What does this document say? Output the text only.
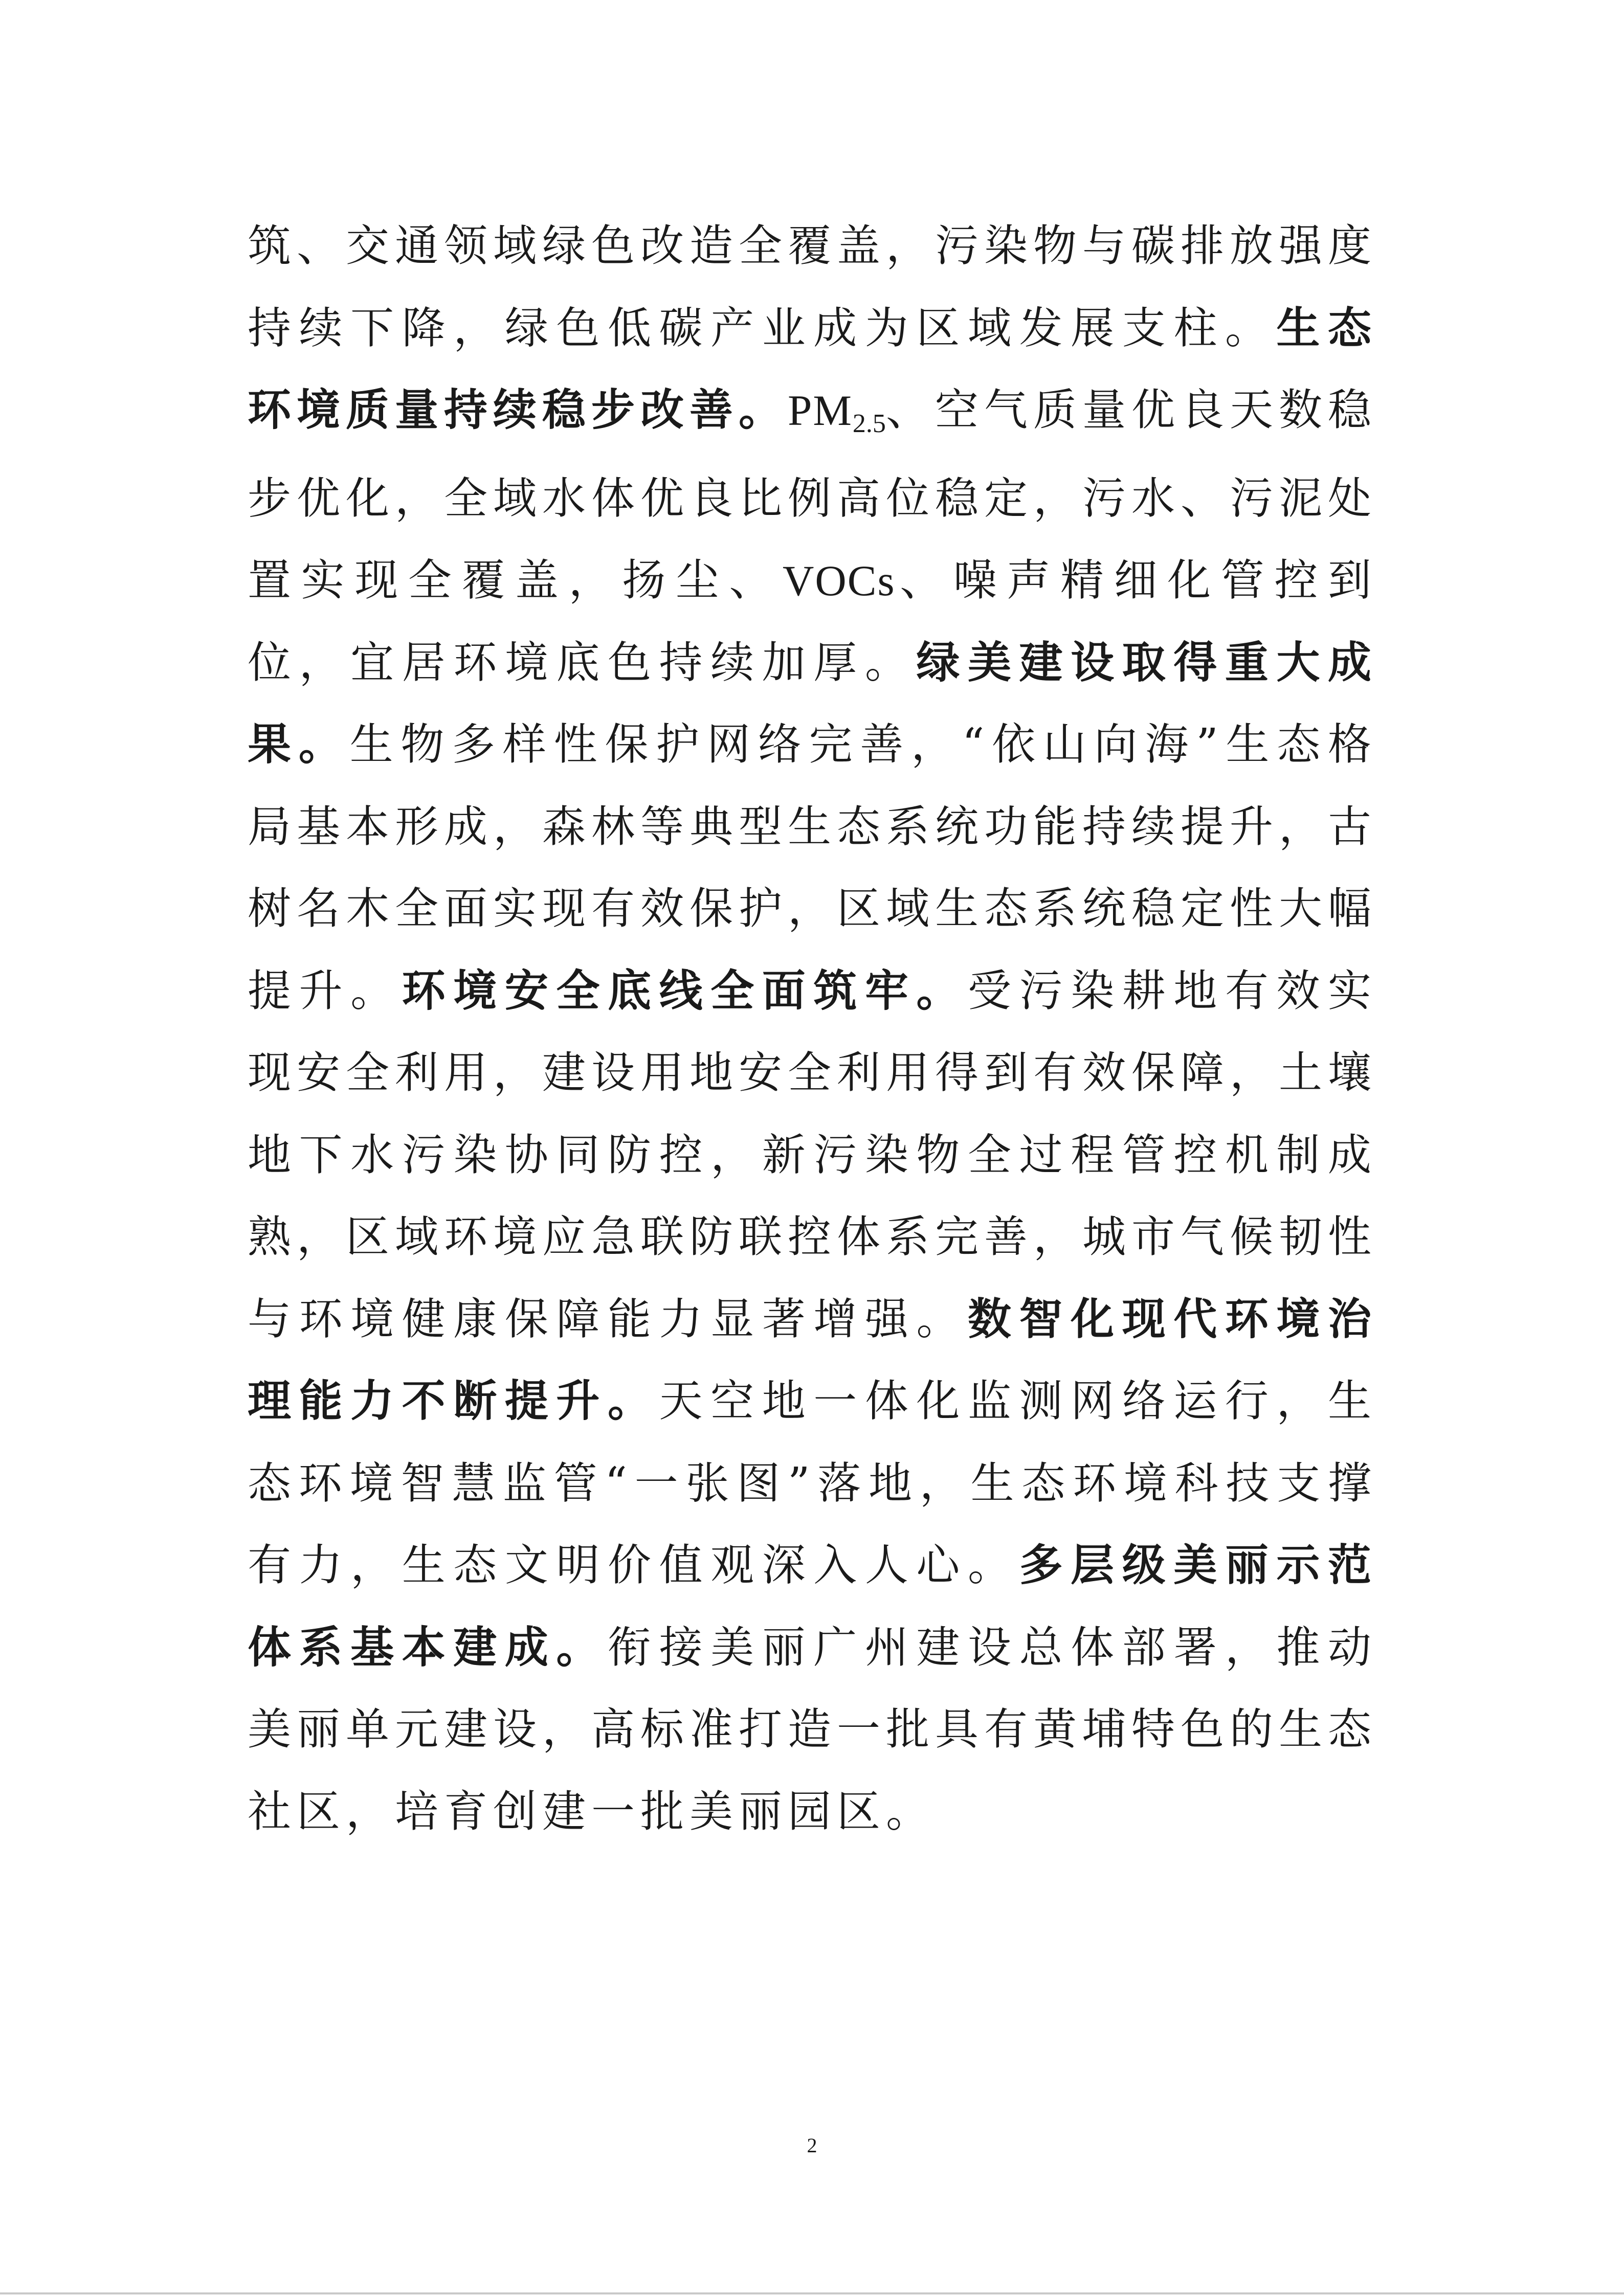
筑、交通领域绿色改造全覆盖，污染物与碳排放强度持续下降，绿色低碳产业成为区域发展支柱。生态环境质量持续稳步改善。PM2.5、空气质量优良天数稳步优化，全域水体优良比例高位稳定，污水、污泥处置实现全覆盖，扬尘、VOCs、噪声精细化管控到位，宜居环境底色持续加厚。绿美建设取得重大成果。生物多样性保护网络完善，“依山向海”生态格局基本形成，森林等典型生态系统功能持续提升，古树名木全面实现有效保护，区域生态系统稳定性大幅提升。环境安全底线全面筑牢。受污染耕地有效实现安全利用，建设用地安全利用得到有效保障，土壤地下水污染协同防控，新污染物全过程管控机制成熟，区域环境应急联防联控体系完善，城市气候韧性与环境健康保障能力显著增强。数智化现代环境治理能力不断提升。天空地一体化监测网络运行，生态环境智慧监管“一张图”落地，生态环境科技支撑有力，生态文明价值观深入人心。多层级美丽示范体系基本建成。衔接美丽广州建设总体部署，推动美丽单元建设，高标准打造一批具有黄埔特色的生态社区，培育创建一批美丽园区。

2
